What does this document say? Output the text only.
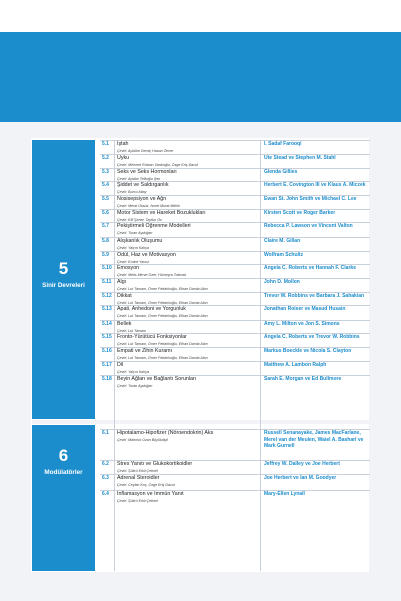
5
Sinir Devreleri
6
Modülatörler
5.1 İştah
Çeviri: Aybüke Demiç Hasan Önver
I. Sadaf Farooqi
5.2 Uyku
Çeviri: Mehmet Rıdvan Vardıoğlu, Özge Eriş Davut
Ute Stead ve Stephen M. Stahl
5.3 Seks ve Seks Hormonları
Çeviri: Aybike Tellioğlu Şen
Glenda Gillies
5.4 Şiddet ve Saldırganlık
Çeviri: Burcu Altay
Herbert E. Covington III ve Klaus A. Miczek
5.5 Nosisepsiyon ve Ağrı
Çeviri: Meral Oksüz, İsmet Murat Melek
Ewan St. John Smith ve Michael C. Lee
5.6 Motor Sistem ve Hareket Bozuklukları
Çeviri: Elif Şener, Tayfun Öz
Kirsten Scott ve Roger Barker
5.7 Pekiştirmeli Öğrenme Modelleri
Çeviri: Turan Aydoğan
Rebecca P. Lawson ve Vincent Valton
5.8 Alışkanlık Oluşumu
Çeviri: Yalçın Kahya
Claire M. Gillan
5.9 Ödül, Haz ve Motivasyon
Çeviri: Emine Yavuz
Wolfram Schultz
5.10 Emosyon
Çeviri: Melis Merve Özer, Hümeyra Tokmak
Angela C. Roberts ve Hannah F. Clarke
5.11 Algı
Çeviri: Lut Tamam, Ömer Fettahlıoğlu, Ethan Damla Altın
John D. Mollon
5.12 Dikkat
Çeviri: Lut Tamam, Ömer Fettahlıoğlu, Ethan Damla Altın
Trevor W. Robbins ve Barbara J. Sahakian
5.13 Apati, Anhedoni ve Yorgunluk
Çeviri: Lut Tamam, Ömer Fettahlıoğlu, Ethan Damla Altın
Jonathan Roiser ve Masud Husain
5.14 Bellek
Çeviri: Lut Tamam
Amy L. Milton ve Jon S. Simons
5.15 Fronto-Yürütücü Fonksiyonlar
Çeviri: Lut Tamam, Ömer Fettahlıoğlu, Ethan Damla Altın
Angela C. Roberts ve Trevor W. Robbins
5.16 Empati ve Zihin Kuramı
Çeviri: Lut Tamam, Ömer Fettahlıoğlu, Ethan Damla Altın
Markus Boeckle ve Nicola S. Clayton
5.17 Dil
Çeviri: Yalçın Kahya
Matthew A. Lambon Ralph
5.18 Beyin Ağları ve Bağlantı Sorunları
Çeviri: Turan Aydoğan
Sarah E. Morgan ve Ed Bullmore
6.1 Hipotalamo-Hipofizer (Nöroendokrin) Aks
Çeviri: Mahmut Ozan Büyükdiyil
Russell Senanayake, James MacFarlane, Merel van der Meulen, Waiel A. Bashari ve Mark Gurnell
6.2 Stres Yanıtı ve Glukokortikoidler
Çeviri: Şükrü Erkil Çetinel
Jeffrey W. Dalley ve Joe Herbert
6.3 Adrenal Steroidler
Çeviri: Ceylan Koç, Özge Eriş Davut
Joe Herbert ve Ian M. Goodyer
6.4 İnflamasyon ve İmmün Yanıt
Çeviri: Şükrü Erkil Çetinel
Mary-Ellen Lynall
